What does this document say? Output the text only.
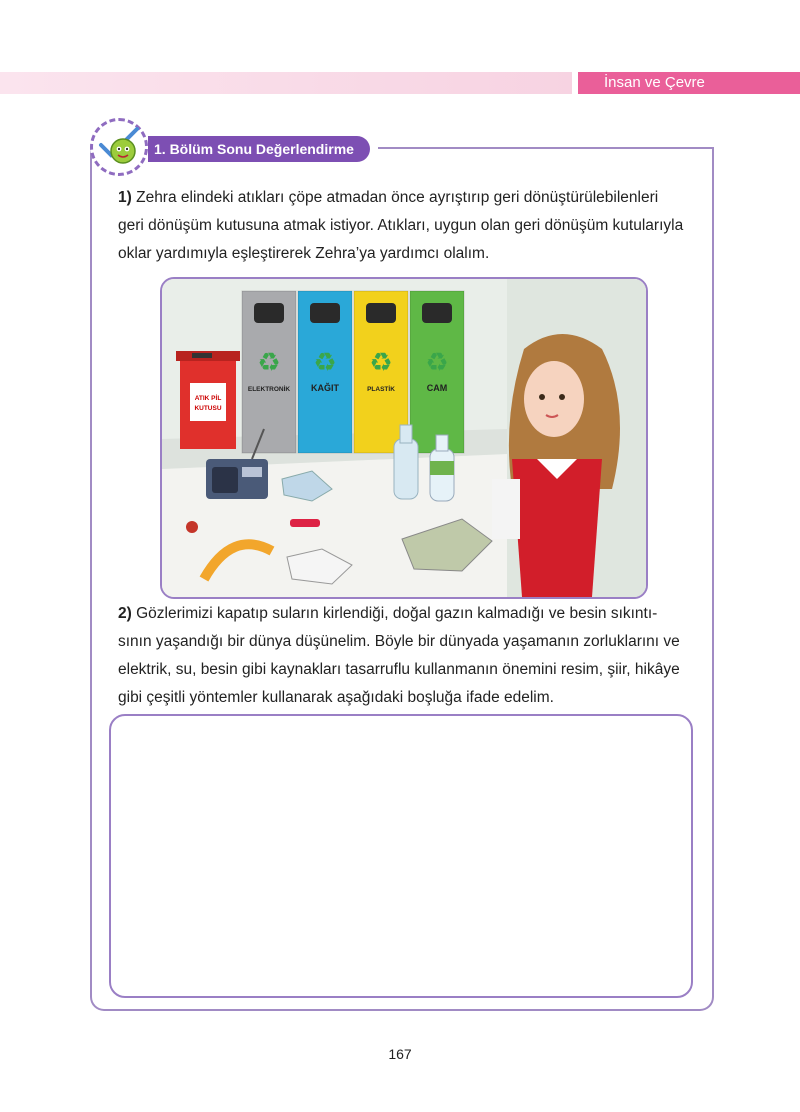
İnsan ve Çevre
1. Bölüm Sonu Değerlendirme
1) Zehra elindeki atıkları çöpe atmadan önce ayrıştırıp geri dönüştürülebilenleri
geri dönüşüm kutusuna atmak istiyor. Atıkları, uygun olan geri dönüşüm kutularıyla
oklar yardımıyla eşleştirerek Zehra’ya yardımcı olalım.
ATIK PİL
KUTUSU
♻
ELEKTRONİK
♻
KAĞIT
♻
PLASTİK
♻
CAM
2) Gözlerimizi kapatıp suların kirlendiği, doğal gazın kalmadığı ve besin sıkıntı-
sının yaşandığı bir dünya düşünelim. Böyle bir dünyada yaşamanın zorluklarını ve
elektrik, su, besin gibi kaynakları tasarruflu kullanmanın önemini resim, şiir, hikâye
gibi çeşitli yöntemler kullanarak aşağıdaki boşluğa ifade edelim.
167
